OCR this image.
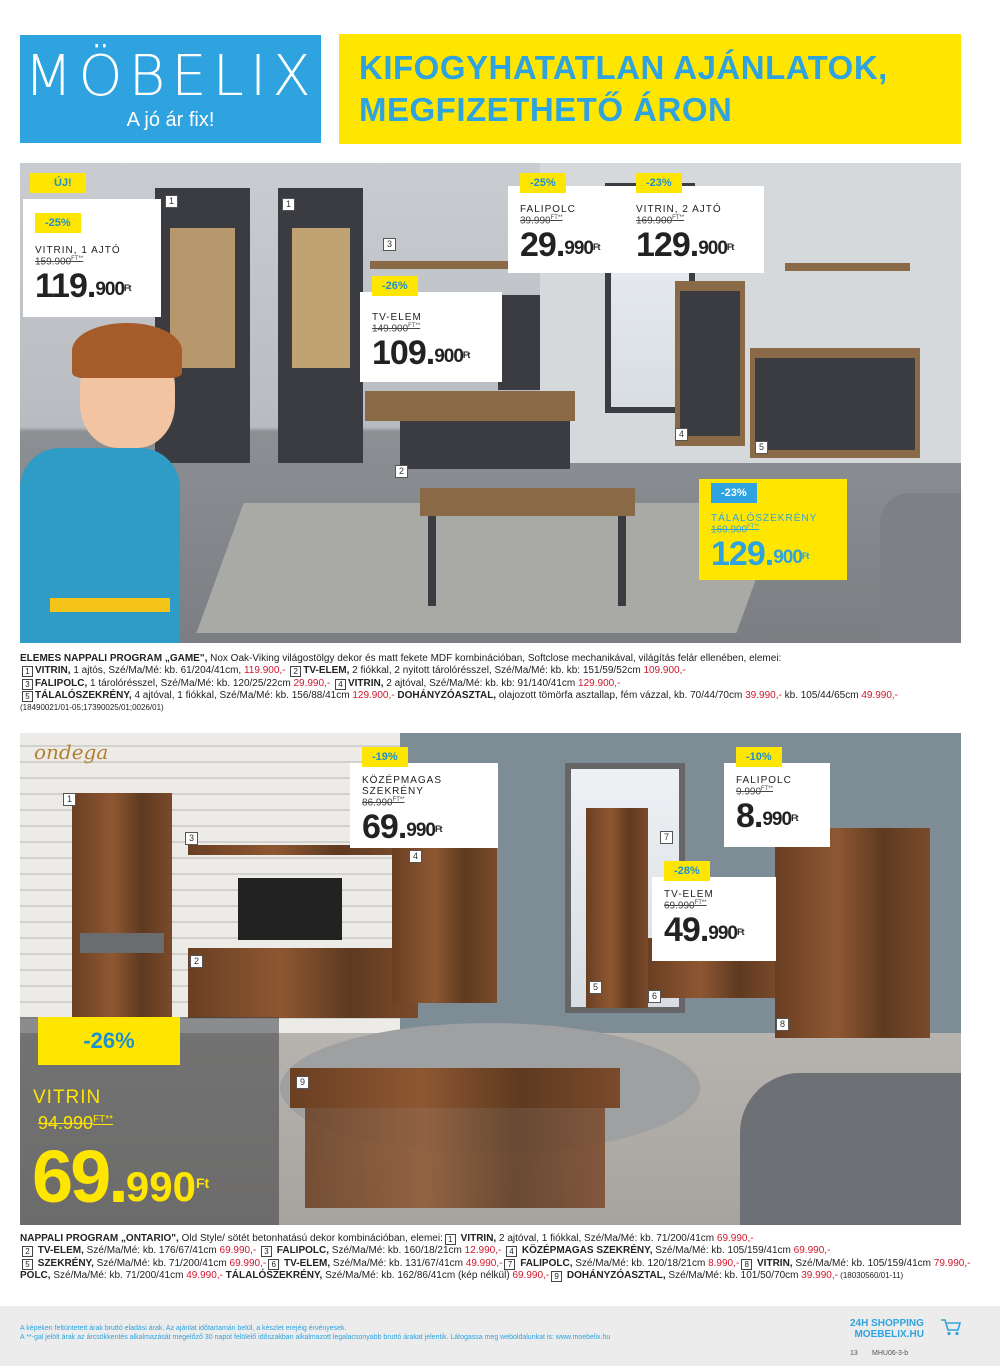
MÖBELIX
A jó ár fix!
KIFOGYHATATLAN AJÁNLATOK,
MEGFIZETHETŐ ÁRON
1	1
3
2
4
5
ÚJ!
-25%
VITRIN, 1 AJTÓ
$159.900^{FT**}$
119.$^{900Ft}$	-26%
TV-ELEM
$149.900^{FT**}$
109.$^{900Ft}$
-25%
FALIPOLC
$39.990^{FT**}$
29.$^{990Ft}$
-23%
VITRIN, 2 AJTÓ
$169.900^{FT**}$
129.$^{900Ft}$
-23%
TÁLALÓSZEKRÉNY
$169.900^{FT**}$
129.$^{900Ft}$
ELEMES NAPPALI PROGRAM „GAME", Nox Oak-Viking világostölgy dekor és matt fekete MDF kombinációban, Softclose mechanikával, világítás felár ellenében, elemei:
1 VITRIN, 1 ajtós, Szé/Ma/Mé: kb. 61/204/41cm, 119.900,- 2 TV-ELEM, 2 fiókkal, 2 nyitott tárolórésszel, Szé/Ma/Mé: kb. kb: 151/59/52cm 109.900,-
3 FALIPOLC, 1 tárolórésszel, Szé/Ma/Mé: kb. 120/25/22cm 29.990,- 4 VITRIN, 2 ajtóval, Szé/Ma/Mé: kb. kb: 91/140/41cm 129.900,-
5 TÁLALÓSZEKRÉNY, 4 ajtóval, 1 fiókkal, Szé/Ma/Mé: kb. 156/88/41cm 129.900,- DOHÁNYZÓASZTAL, olajozott tömörfa asztallap, fém vázzal, kb. 70/44/70cm 39.990,- kb. 105/44/65cm 49.990,-
(18490021/01-05;17390025/01;0026/01)
1
3
4
2
7
5
6
8
9
ondega	-19%
KÖZÉPMAGAS SZEKRÉNY
$86.990^{FT**}$
69.$^{990Ft}$
-10%
FALIPOLC
$9.990^{FT**}$
8.$^{990Ft}$
-28%
TV-ELEM
$69.990^{FT**}$
49.$^{990Ft}$
-26%
VITRIN
$94.990^{FT**}$
69.$^{990Ft}$
NAPPALI PROGRAM „ONTARIO", Old Style/ sötét betonhatású dekor kombinációban, elemei: 1 VITRIN, 2 ajtóval, 1 fiókkal, Szé/Ma/Mé: kb. 71/200/41cm 69.990,-
2 TV-ELEM, Szé/Ma/Mé: kb. 176/67/41cm 69.990,- 3 FALIPOLC, Szé/Ma/Mé: kb. 160/18/21cm 12.990,- 4 KÖZÉPMAGAS SZEKRÉNY, Szé/Ma/Mé: kb. 105/159/41cm 69.990,-
5 SZEKRÉNY, Szé/Ma/Mé: kb. 71/200/41cm 69.990,- 6 TV-ELEM, Szé/Ma/Mé: kb. 131/67/41cm 49.990,- 7 FALIPOLC, Szé/Ma/Mé: kb. 120/18/21cm 8.990,- 8 VITRIN, Szé/Ma/Mé: kb. 105/159/41cm 79.990,-
POLC, Szé/Ma/Mé: kb. 71/200/41cm 49.990,- TÁLALÓSZEKRÉNY, Szé/Ma/Mé: kb. 162/86/41cm (kép nélkül) 69.990,- 9 DOHÁNYZÓASZTAL, Szé/Ma/Mé: kb. 101/50/70cm 39.990,- (18030560/01-11)
A képeken feltüntetett árak bruttó eladási árak. Az ajánlat időtartamán belül, a készlet erejéig érvényesek.
A **-gal jelölt árak az árcsökkentés alkalmazását megelőző 30 napot felölelő időszakban alkalmazott legalacsonyabb bruttó árakat jelentik. Látogassa meg weboldalunkat is: www.moebelix.hu
24H SHOPPING
MOEBELIX.HU
13 MHU06-3-b
